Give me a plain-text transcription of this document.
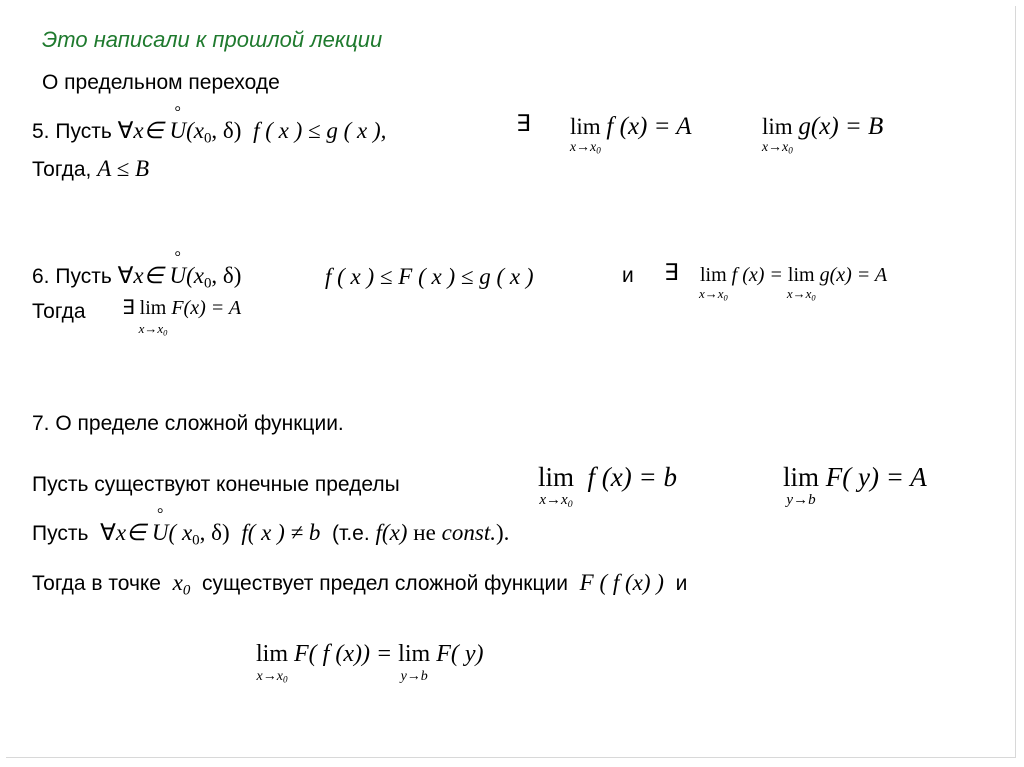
Это написали к прошлой лекции
О предельном переходе
5. Пусть ∀x∈ ° $U(x_0$, δ) f ( x ) ≤ g ( x ),	∃ lim
$x\to x_0$
f (x) = A	lim
$x\to x_0$
g(x) = B
Тогда, A ≤ B
6. Пусть ∀x∈ ° $U(x_0$, δ)	f ( x ) ≤ F ( x ) ≤ g ( x )	и ∃ lim
$x\to x_0$
f (x) = lim
$x\to x_0$
g(x) = A
Тогда ∃ lim
$x\to x_0$
F(x) = A
7. О пределе сложной функции.
Пусть существуют конечные пределы	lim
$x\to x_0$
f (x) = b	lim
y→b
F( y) = A
Пусть ∀x∈ ° U( $x_0$, δ) f( x ) ≠ b (т.е. f(x) не const.).
Тогда в точке $x_0$ существует предел сложной функции F ( f (x) ) и
lim
$x\to x_0$
F( f (x)) = lim
y→b
F( y)
